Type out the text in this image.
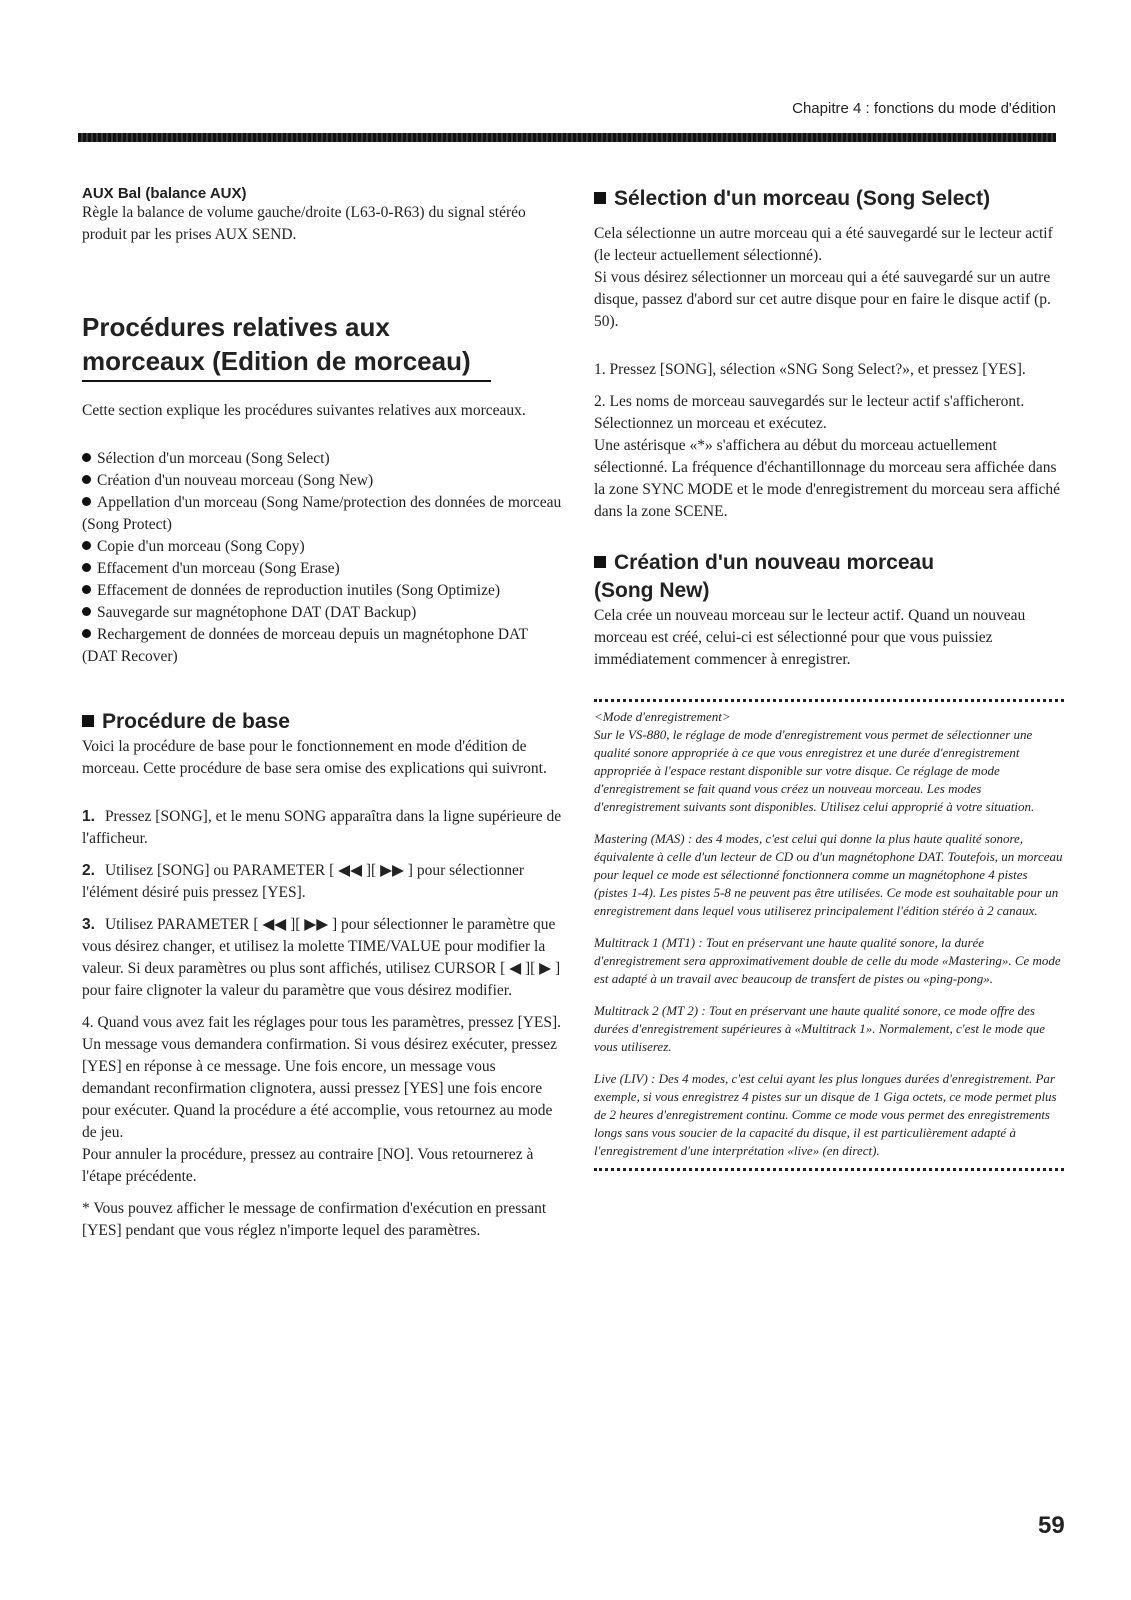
Chapitre 4 : fonctions du mode d'édition
AUX Bal (balance AUX)

Règle la balance de volume gauche/droite (L63-0-R63) du signal stéréo produit par les prises AUX SEND.

Procédures relatives aux
morceaux (Edition de morceau)

Cette section explique les procédures suivantes relatives aux morceaux.

Sélection d'un morceau (Song Select)
Création d'un nouveau morceau (Song New)
Appellation d'un morceau (Song Name/protection des données de morceau (Song Protect)
Copie d'un morceau (Song Copy)
Effacement d'un morceau (Song Erase)
Effacement de données de reproduction inutiles (Song Optimize)
Sauvegarde sur magnétophone DAT (DAT Backup)
Rechargement de données de morceau depuis un magnétophone DAT (DAT Recover)
Procédure de base

Voici la procédure de base pour le fonctionnement en mode d'édition de morceau. Cette procédure de base sera omise des explications qui suivront.

1. Pressez [SONG], et le menu SONG apparaîtra dans la ligne supérieure de l'afficheur.

2. Utilisez [SONG] ou PARAMETER [ ◀◀ ][ ▶▶ ] pour sélectionner l'élément désiré puis pressez [YES].

3. Utilisez PARAMETER [ ◀◀ ][ ▶▶ ] pour sélectionner le paramètre que vous désirez changer, et utilisez la molette TIME/VALUE pour modifier la valeur. Si deux paramètres ou plus sont affichés, utilisez CURSOR [ ◀ ][ ▶ ] pour faire clignoter la valeur du paramètre que vous désirez modifier.

4. Quand vous avez fait les réglages pour tous les paramètres, pressez [YES].

Un message vous demandera confirmation. Si vous désirez exécuter, pressez [YES] en réponse à ce message. Une fois encore, un message vous demandant reconfirmation clignotera, aussi pressez [YES] une fois encore pour exécuter. Quand la procédure a été accomplie, vous retournez au mode de jeu.

Pour annuler la procédure, pressez au contraire [NO]. Vous retournerez à l'étape précédente.

* Vous pouvez afficher le message de confirmation d'exécution en pressant [YES] pendant que vous réglez n'importe lequel des paramètres.

Sélection d'un morceau (Song Select)

Cela sélectionne un autre morceau qui a été sauvegardé sur le lecteur actif (le lecteur actuellement sélectionné).

Si vous désirez sélectionner un morceau qui a été sauvegardé sur un autre disque, passez d'abord sur cet autre disque pour en faire le disque actif (p. 50).

1. Pressez [SONG], sélection «SNG Song Select?», et pressez [YES].

2. Les noms de morceau sauvegardés sur le lecteur actif s'afficheront. Sélectionnez un morceau et exécutez.

Une astérisque «*» s'affichera au début du morceau actuellement sélectionné. La fréquence d'échantillonnage du morceau sera affichée dans la zone SYNC MODE et le mode d'enregistrement du morceau sera affiché dans la zone SCENE.

Création d'un nouveau morceau
(Song New)

Cela crée un nouveau morceau sur le lecteur actif. Quand un nouveau morceau est créé, celui-ci est sélectionné pour que vous puissiez immédiatement commencer à enregistrer.

<Mode d'enregistrement>

Sur le VS-880, le réglage de mode d'enregistrement vous permet de sélectionner une qualité sonore appropriée à ce que vous enregistrez et une durée d'enregistrement appropriée à l'espace restant disponible sur votre disque. Ce réglage de mode d'enregistrement se fait quand vous créez un nouveau morceau. Les modes d'enregistrement suivants sont disponibles. Utilisez celui approprié à votre situation.

Mastering (MAS) : des 4 modes, c'est celui qui donne la plus haute qualité sonore, équivalente à celle d'un lecteur de CD ou d'un magnétophone DAT. Toutefois, un morceau pour lequel ce mode est sélectionné fonctionnera comme un magnétophone 4 pistes (pistes 1-4). Les pistes 5-8 ne peuvent pas être utilisées. Ce mode est souhaitable pour un enregistrement dans lequel vous utiliserez principalement l'édition stéréo à 2 canaux.

Multitrack 1 (MT1) : Tout en préservant une haute qualité sonore, la durée d'enregistrement sera approximativement double de celle du mode «Mastering». Ce mode est adapté à un travail avec beaucoup de transfert de pistes ou «ping-pong».

Multitrack 2 (MT 2) : Tout en préservant une haute qualité sonore, ce mode offre des durées d'enregistrement supérieures à «Multitrack 1». Normalement, c'est le mode que vous utiliserez.

Live (LIV) : Des 4 modes, c'est celui ayant les plus longues durées d'enregistrement. Par exemple, si vous enregistrez 4 pistes sur un disque de 1 Giga octets, ce mode permet plus de 2 heures d'enregistrement continu. Comme ce mode vous permet des enregistrements longs sans vous soucier de la capacité du disque, il est particulièrement adapté à l'enregistrement d'une interprétation «live» (en direct).

59
